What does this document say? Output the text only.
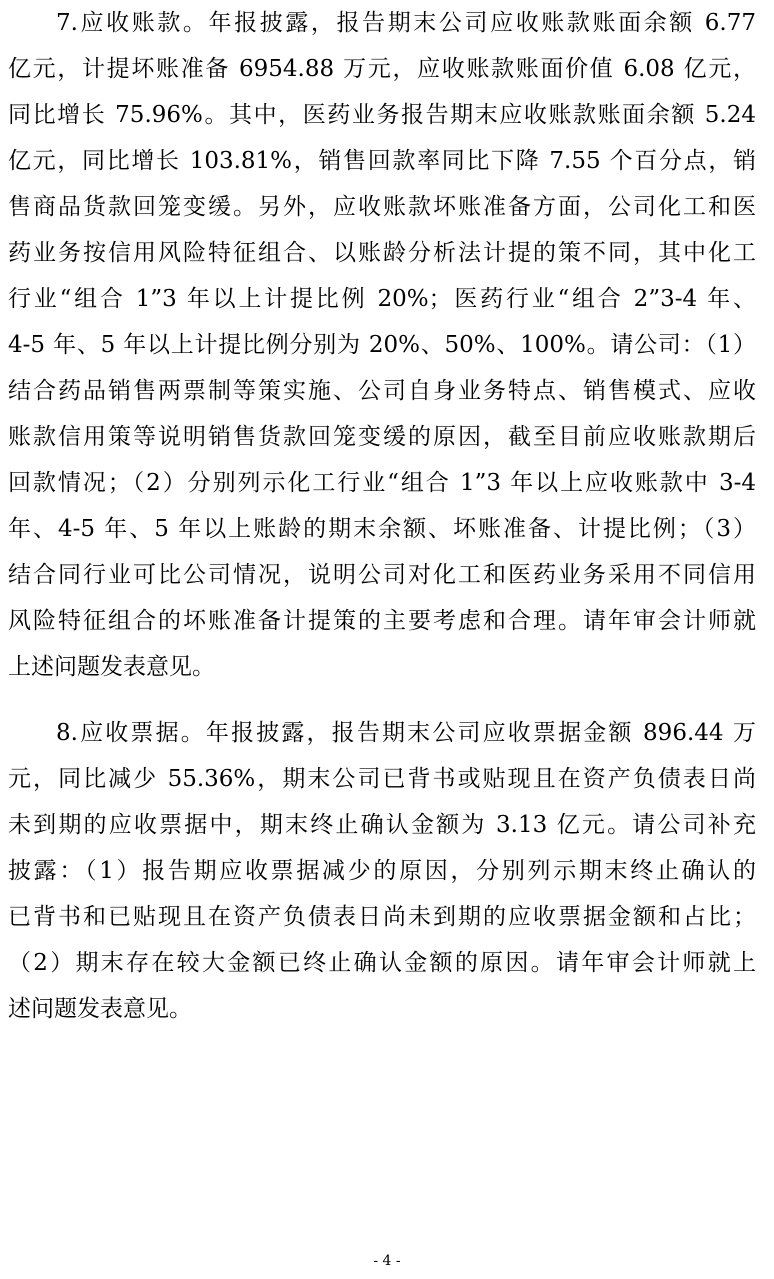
7.应收账款。年报披露，报告期末公司应收账款账面余额 6.77
亿元，计提坏账准备 6954.88 万元，应收账款账面价值 6.08 亿元，
同比增长 75.96%。其中，医药业务报告期末应收账款账面余额 5.24
亿元，同比增长 103.81%，销售回款率同比下降 7.55 个百分点，销
售商品货款回笼变缓。另外，应收账款坏账准备方面，公司化工和医
药业务按信用风险特征组合、以账龄分析法计提的策不同，其中化工
行业“组合 1”3 年以上计提比例 20%；医药行业“组合 2”3-4 年、
4-5 年、5 年以上计提比例分别为 20%、50%、100%。请公司：（1）
结合药品销售两票制等策实施、公司自身业务特点、销售模式、应收
账款信用策等说明销售货款回笼变缓的原因，截至目前应收账款期后
回款情况；（2）分别列示化工行业“组合 1”3 年以上应收账款中 3-4
年、4-5 年、5 年以上账龄的期末余额、坏账准备、计提比例；（3）
结合同行业可比公司情况，说明公司对化工和医药业务采用不同信用
风险特征组合的坏账准备计提策的主要考虑和合理。请年审会计师就
上述问题发表意见。
8.应收票据。年报披露，报告期末公司应收票据金额 896.44 万
元，同比减少 55.36%，期末公司已背书或贴现且在资产负债表日尚
未到期的应收票据中，期末终止确认金额为 3.13 亿元。请公司补充
披露：（1）报告期应收票据减少的原因，分别列示期末终止确认的
已背书和已贴现且在资产负债表日尚未到期的应收票据金额和占比；
（2）期末存在较大金额已终止确认金额的原因。请年审会计师就上
述问题发表意见。
- 4 -
